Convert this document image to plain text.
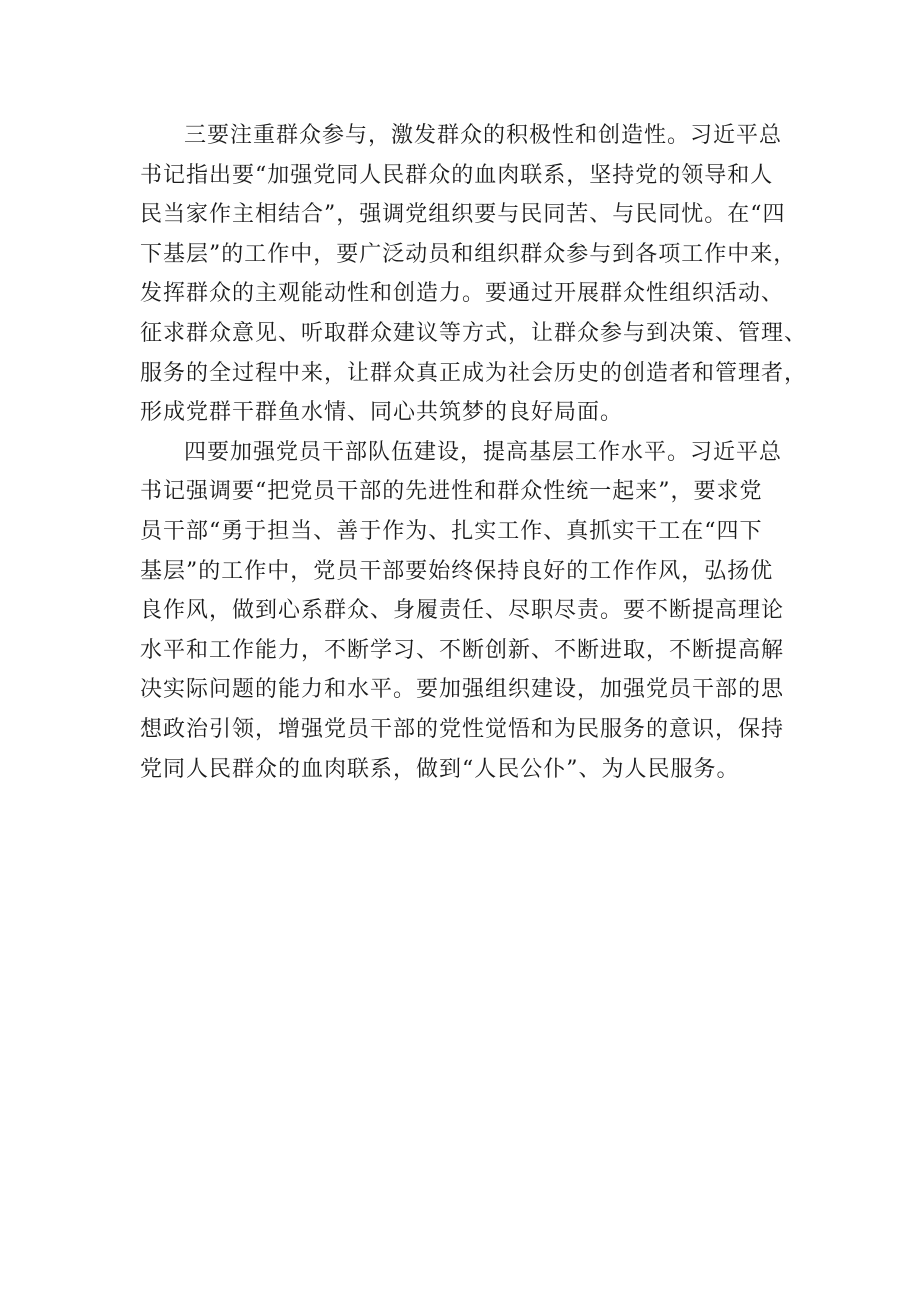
三要注重群众参与，激发群众的积极性和创造性。习近平总
书记指出要“加强党同人民群众的血肉联系，坚持党的领导和人
民当家作主相结合”，强调党组织要与民同苦、与民同忧。在“四
下基层”的工作中，要广泛动员和组织群众参与到各项工作中来，
发挥群众的主观能动性和创造力。要通过开展群众性组织活动、
征求群众意见、听取群众建议等方式，让群众参与到决策、管理、
服务的全过程中来，让群众真正成为社会历史的创造者和管理者，
形成党群干群鱼水情、同心共筑梦的良好局面。

四要加强党员干部队伍建设，提高基层工作水平。习近平总
书记强调要“把党员干部的先进性和群众性统一起来”，要求党
员干部“勇于担当、善于作为、扎实工作、真抓实干工在“四下
基层”的工作中，党员干部要始终保持良好的工作作风，弘扬优
良作风，做到心系群众、身履责任、尽职尽责。要不断提高理论
水平和工作能力，不断学习、不断创新、不断进取，不断提高解
决实际问题的能力和水平。要加强组织建设，加强党员干部的思
想政治引领，增强党员干部的党性觉悟和为民服务的意识，保持
党同人民群众的血肉联系，做到“人民公仆”、为人民服务。
